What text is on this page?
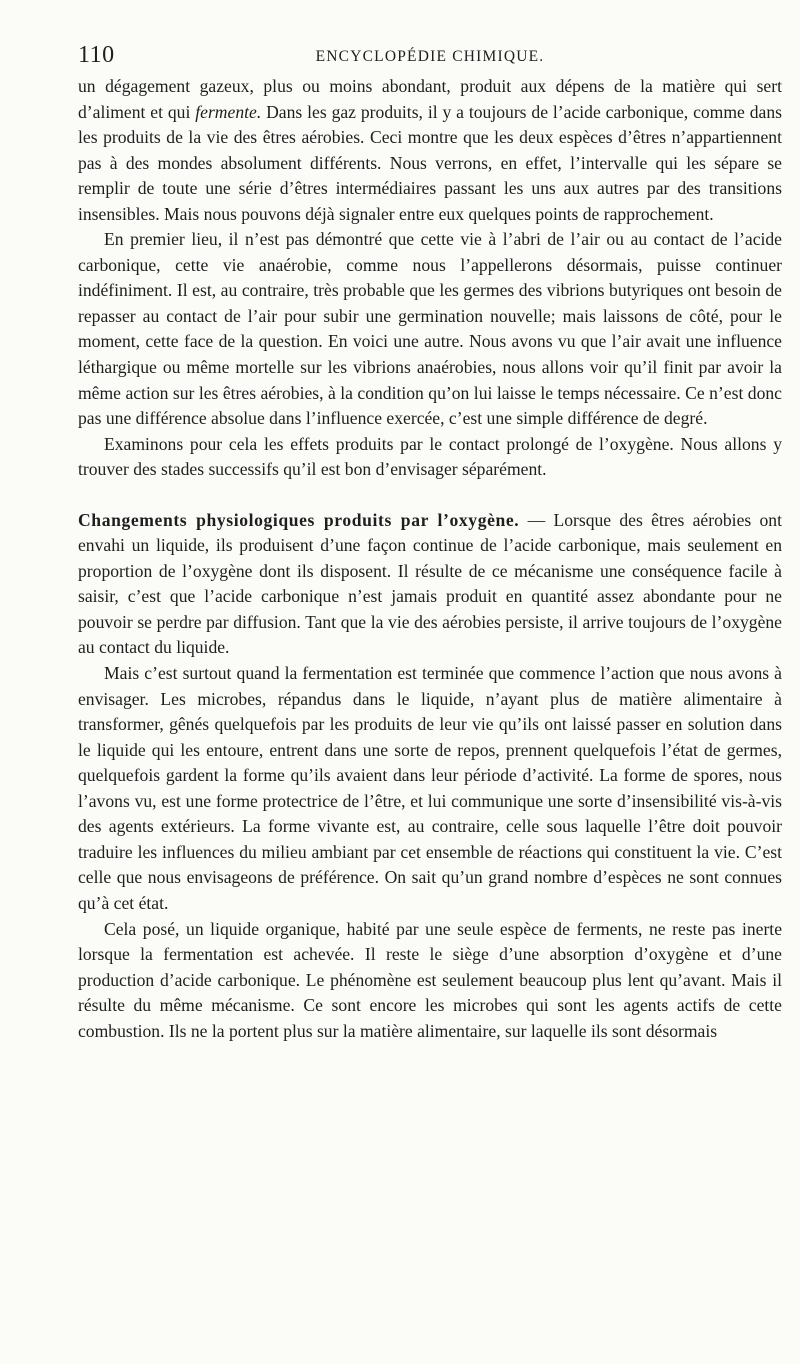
110	ENCYCLOPÉDIE CHIMIQUE.

un dégagement gazeux, plus ou moins abondant, produit aux dépens de la matière qui sert d’aliment et qui fermente. Dans les gaz produits, il y a toujours de l’acide carbonique, comme dans les produits de la vie des êtres aérobies. Ceci montre que les deux espèces d’êtres n’appartiennent pas à des mondes absolument différents. Nous verrons, en effet, l’intervalle qui les sépare se remplir de toute une série d’êtres intermédiaires passant les uns aux autres par des transitions insensibles. Mais nous pouvons déjà signaler entre eux quelques points de rapprochement.

En premier lieu, il n’est pas démontré que cette vie à l’abri de l’air ou au contact de l’acide carbonique, cette vie anaérobie, comme nous l’appellerons désormais, puisse continuer indéfiniment. Il est, au contraire, très probable que les germes des vibrions butyriques ont besoin de repasser au contact de l’air pour subir une germination nouvelle; mais laissons de côté, pour le moment, cette face de la question. En voici une autre. Nous avons vu que l’air avait une influence léthargique ou même mortelle sur les vibrions anaérobies, nous allons voir qu’il finit par avoir la même action sur les êtres aérobies, à la condition qu’on lui laisse le temps nécessaire. Ce n’est donc pas une différence absolue dans l’influence exercée, c’est une simple différence de degré.

Examinons pour cela les effets produits par le contact prolongé de l’oxygène. Nous allons y trouver des stades successifs qu’il est bon d’envisager séparément.

Changements physiologiques produits par l’oxygène. — Lorsque des êtres aérobies ont envahi un liquide, ils produisent d’une façon continue de l’acide carbonique, mais seulement en proportion de l’oxygène dont ils disposent. Il résulte de ce mécanisme une conséquence facile à saisir, c’est que l’acide carbonique n’est jamais produit en quantité assez abondante pour ne pouvoir se perdre par diffusion. Tant que la vie des aérobies persiste, il arrive toujours de l’oxygène au contact du liquide.

Mais c’est surtout quand la fermentation est terminée que commence l’action que nous avons à envisager. Les microbes, répandus dans le liquide, n’ayant plus de matière alimentaire à transformer, gênés quelquefois par les produits de leur vie qu’ils ont laissé passer en solution dans le liquide qui les entoure, entrent dans une sorte de repos, prennent quelquefois l’état de germes, quelquefois gardent la forme qu’ils avaient dans leur période d’activité. La forme de spores, nous l’avons vu, est une forme protectrice de l’être, et lui communique une sorte d’insensibilité vis-à-vis des agents extérieurs. La forme vivante est, au contraire, celle sous laquelle l’être doit pouvoir traduire les influences du milieu ambiant par cet ensemble de réactions qui constituent la vie. C’est celle que nous envisageons de préférence. On sait qu’un grand nombre d’espèces ne sont connues qu’à cet état.

Cela posé, un liquide organique, habité par une seule espèce de ferments, ne reste pas inerte lorsque la fermentation est achevée. Il reste le siège d’une absorption d’oxygène et d’une production d’acide carbonique. Le phénomène est seulement beaucoup plus lent qu’avant. Mais il résulte du même mécanisme. Ce sont encore les microbes qui sont les agents actifs de cette combustion. Ils ne la portent plus sur la matière alimentaire, sur laquelle ils sont désormais
